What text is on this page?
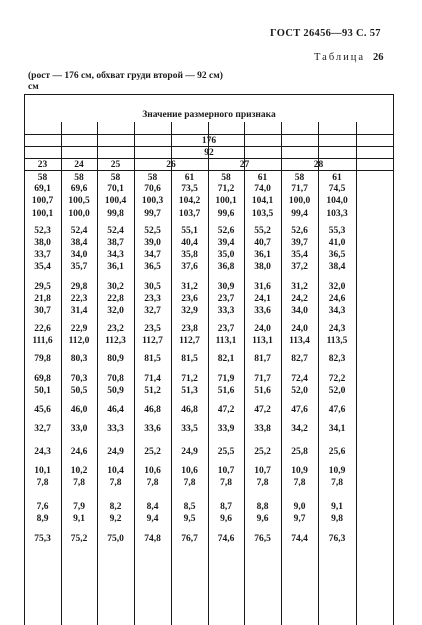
ГОСТ 26456—93 С. 57
Таблица 26
(рост — 176 см, обхват груди второй — 92 см)
см
Значение размерного признака
176
92
23	24	25	26	27	28
58	58	58	58	61	58	61	58	61
69,1	69,6	70,1	70,6	73,5	71,2	74,0	71,7	74,5
100,7	100,5	100,4	100,3	104,2	100,1	104,1	100,0	104,0
100,1	100,0	99,8	99,7	103,7	99,6	103,5	99,4	103,3
52,3	52,4	52,4	52,5	55,1	52,6	55,2	52,6	55,3
38,0	38,4	38,7	39,0	40,4	39,4	40,7	39,7	41,0
33,7	34,0	34,3	34,7	35,8	35,0	36,1	35,4	36,5
35,4	35,7	36,1	36,5	37,6	36,8	38,0	37,2	38,4
29,5	29,8	30,2	30,5	31,2	30,9	31,6	31,2	32,0
21,8	22,3	22,8	23,3	23,6	23,7	24,1	24,2	24,6
30,7	31,4	32,0	32,7	32,9	33,3	33,6	34,0	34,3
22,6	22,9	23,2	23,5	23,8	23,7	24,0	24,0	24,3
111,6	112,0	112,3	112,7	112,7	113,1	113,1	113,4	113,5
79,8	80,3	80,9	81,5	81,5	82,1	81,7	82,7	82,3
69,8	70,3	70,8	71,4	71,2	71,9	71,7	72,4	72,2
50,1	50,5	50,9	51,2	51,3	51,6	51,6	52,0	52,0
45,6	46,0	46,4	46,8	46,8	47,2	47,2	47,6	47,6
32,7	33,0	33,3	33,6	33,5	33,9	33,8	34,2	34,1
24,3	24,6	24,9	25,2	24,9	25,5	25,2	25,8	25,6
10,1	10,2	10,4	10,6	10,6	10,7	10,7	10,9	10,9
7,8	7,8	7,8	7,8	7,8	7,8	7,8	7,8	7,8
7,6	7,9	8,2	8,4	8,5	8,7	8,8	9,0	9,1
8,9	9,1	9,2	9,4	9,5	9,6	9,6	9,7	9,8
75,3	75,2	75,0	74,8	76,7	74,6	76,5	74,4	76,3
